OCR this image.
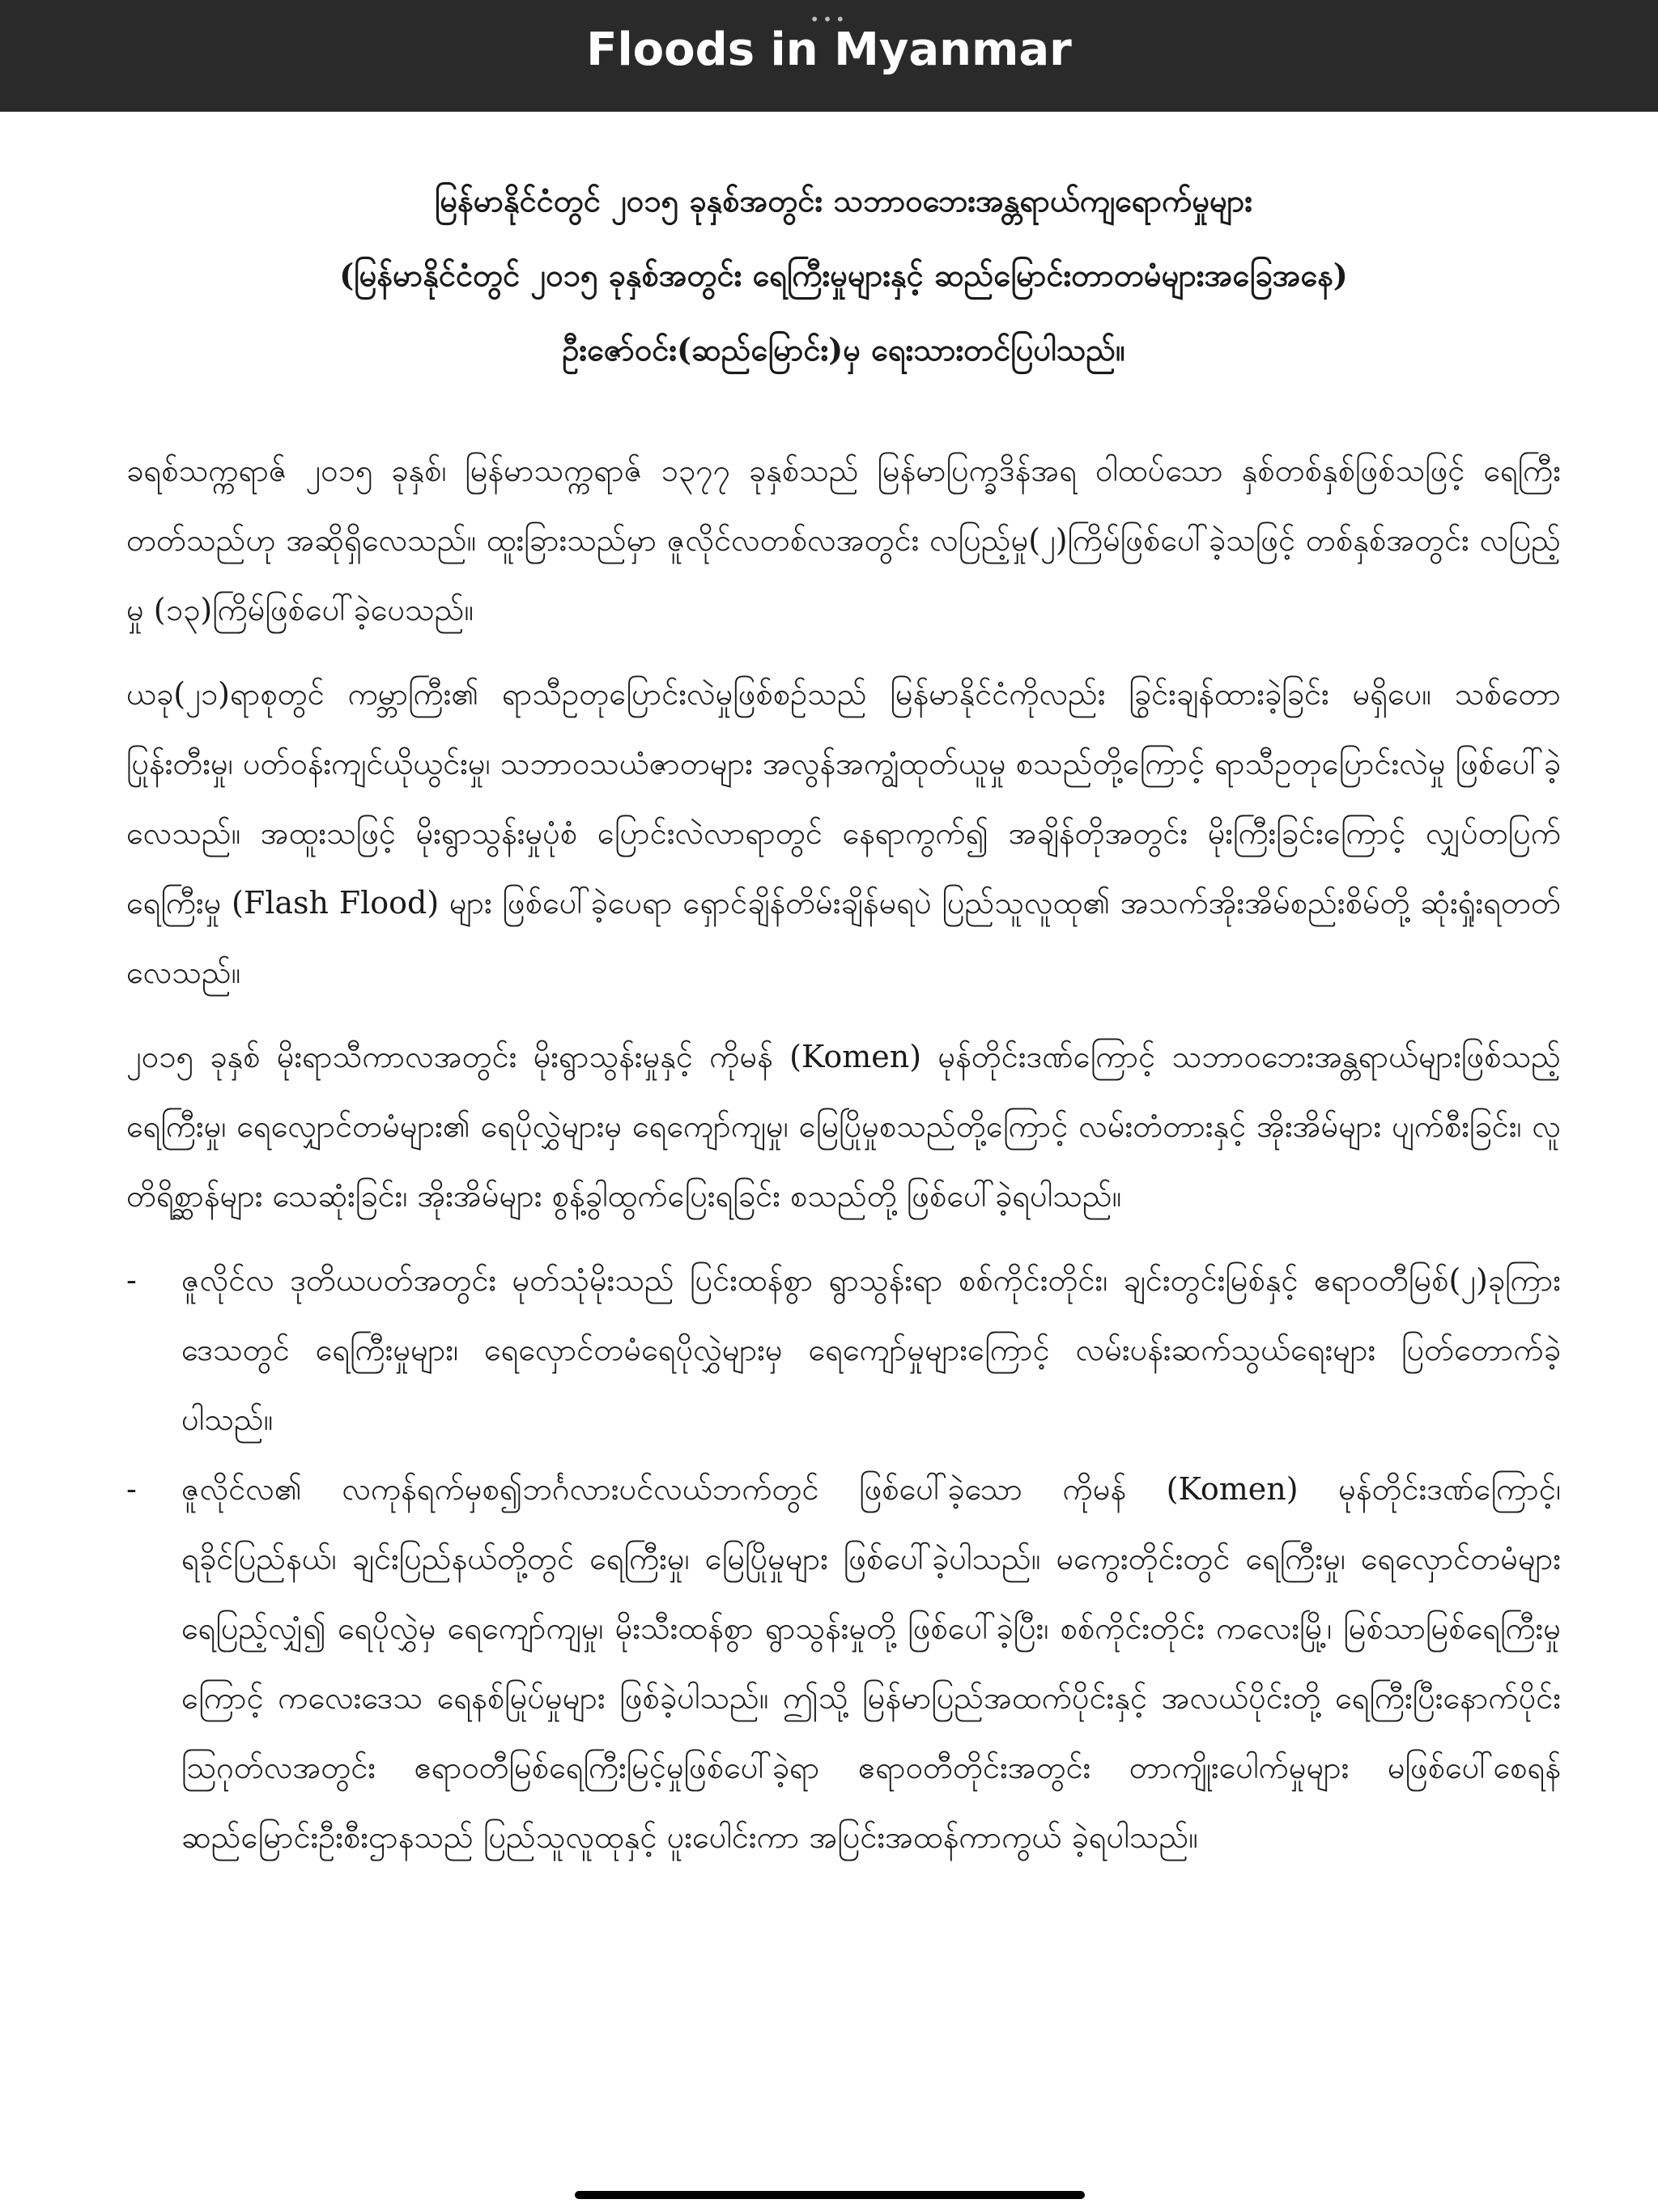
•••
Floods in Myanmar
မြန်မာနိုင်ငံတွင် ၂၀၁၅ ခုနှစ်အတွင်း သဘာဝဘေးအန္တရာယ်ကျရောက်မှုများ
(မြန်မာနိုင်ငံတွင် ၂၀၁၅ ခုနှစ်အတွင်း ရေကြီးမှုများနှင့် ဆည်မြောင်းတာတမံများအခြေအနေ)
ဦးဇော်ဝင်း(ဆည်မြောင်း)မှ ရေးသားတင်ပြပါသည်။

ခရစ်သက္ကရာဇ် ၂၀၁၅ ခုနှစ်၊ မြန်မာသက္ကရာဇ် ၁၃၇၇ ခုနှစ်သည် မြန်မာပြက္ခဒိန်အရ ဝါထပ်သော နှစ်တစ်နှစ်ဖြစ်သဖြင့် ရေကြီးတတ်သည်ဟု အဆိုရှိလေသည်။ ထူးခြားသည်မှာ ဇူလိုင်လတစ်လအတွင်း လပြည့်မှု(၂)ကြိမ်ဖြစ်ပေါ်ခဲ့သဖြင့် တစ်နှစ်အတွင်း လပြည့်မှု (၁၃)ကြိမ်ဖြစ်ပေါ်ခဲ့ပေသည်။

ယခု(၂၁)ရာစုတွင် ကမ္ဘာကြီး၏ ရာသီဥတုပြောင်းလဲမှုဖြစ်စဉ်သည် မြန်မာနိုင်ငံကိုလည်း ခြွင်းချန်ထားခဲ့ခြင်း မရှိပေ။ သစ်တောပြုန်းတီးမှု၊ ပတ်ဝန်းကျင်ယိုယွင်းမှု၊ သဘာဝသယံဇာတများ အလွန်အကျွံထုတ်ယူမှု စသည်တို့ကြောင့် ရာသီဥတုပြောင်းလဲမှု ဖြစ်ပေါ်ခဲ့လေသည်။ အထူးသဖြင့် မိုးရွာသွန်းမှုပုံစံ ပြောင်းလဲလာရာတွင် နေရာကွက်၍ အချိန်တိုအတွင်း မိုးကြီးခြင်းကြောင့် လျှပ်တပြက်ရေကြီးမှု (Flash Flood) များ ဖြစ်ပေါ်ခဲ့ပေရာ ရှောင်ချိန်တိမ်းချိန်မရပဲ ပြည်သူလူထု၏ အသက်အိုးအိမ်စည်းစိမ်တို့ ဆုံးရှုံးရတတ်လေသည်။

၂၀၁၅ ခုနှစ် မိုးရာသီကာလအတွင်း မိုးရွာသွန်းမှုနှင့် ကိုမန် (Komen) မုန်တိုင်းဒဏ်ကြောင့် သဘာဝဘေးအန္တရာယ်များဖြစ်သည့် ရေကြီးမှု၊ ရေလျှောင်တမံများ၏ ရေပိုလွှဲများမှ ရေကျော်ကျမှု၊ မြေပြိုမှုစသည်တို့ကြောင့် လမ်းတံတားနှင့် အိုးအိမ်များ ပျက်စီးခြင်း၊ လူတိရိစ္ဆာန်များ သေဆုံးခြင်း၊ အိုးအိမ်များ စွန့်ခွါထွက်ပြေးရခြင်း စသည်တို့ ဖြစ်ပေါ်ခဲ့ရပါသည်။

- ဇူလိုင်လ ဒုတိယပတ်အတွင်း မုတ်သုံမိုးသည် ပြင်းထန်စွာ ရွာသွန်းရာ စစ်ကိုင်းတိုင်း၊ ချင်းတွင်းမြစ်နှင့် ဧရာဝတီမြစ်(၂)ခုကြားဒေသတွင် ရေကြီးမှုများ၊ ရေလှောင်တမံရေပိုလွှဲများမှ ရေကျော်မှုများကြောင့် လမ်းပန်းဆက်သွယ်ရေးများ ပြတ်တောက်ခဲ့ပါသည်။
- ဇူလိုင်လ၏ လကုန်ရက်မှစ၍ဘင်္ဂလားပင်လယ်ဘက်တွင် ဖြစ်ပေါ်ခဲ့သော ကိုမန် (Komen) မုန်တိုင်းဒဏ်ကြောင့်၊ ရခိုင်ပြည်နယ်၊ ချင်းပြည်နယ်တို့တွင် ရေကြီးမှု၊ မြေပြိုမှုများ ဖြစ်ပေါ်ခဲ့ပါသည်။ မကွေးတိုင်းတွင် ရေကြီးမှု၊ ရေလှောင်တမံများ ရေပြည့်လျှံ၍ ရေပိုလွှဲမှ ရေကျော်ကျမှု၊ မိုးသီးထန်စွာ ရွာသွန်းမှုတို့ ဖြစ်ပေါ်ခဲ့ပြီး၊ စစ်ကိုင်းတိုင်း ကလေးမြို့၊ မြစ်သာမြစ်ရေကြီးမှုကြောင့် ကလေးဒေသ ရေနစ်မြုပ်မှုများ ဖြစ်ခဲ့ပါသည်။ ဤသို့ မြန်မာပြည်အထက်ပိုင်းနှင့် အလယ်ပိုင်းတို့ ရေကြီးပြီးနောက်ပိုင်း ဩဂုတ်လအတွင်း ဧရာဝတီမြစ်ရေကြီးမြင့်မှုဖြစ်ပေါ်ခဲ့ရာ ဧရာဝတီတိုင်းအတွင်း တာကျိုးပေါက်မှုများ မဖြစ်ပေါ်စေရန် ဆည်မြောင်းဦးစီးဌာနသည် ပြည်သူလူထုနှင့် ပူးပေါင်းကာ အပြင်းအထန်ကာကွယ် ခဲ့ရပါသည်။
